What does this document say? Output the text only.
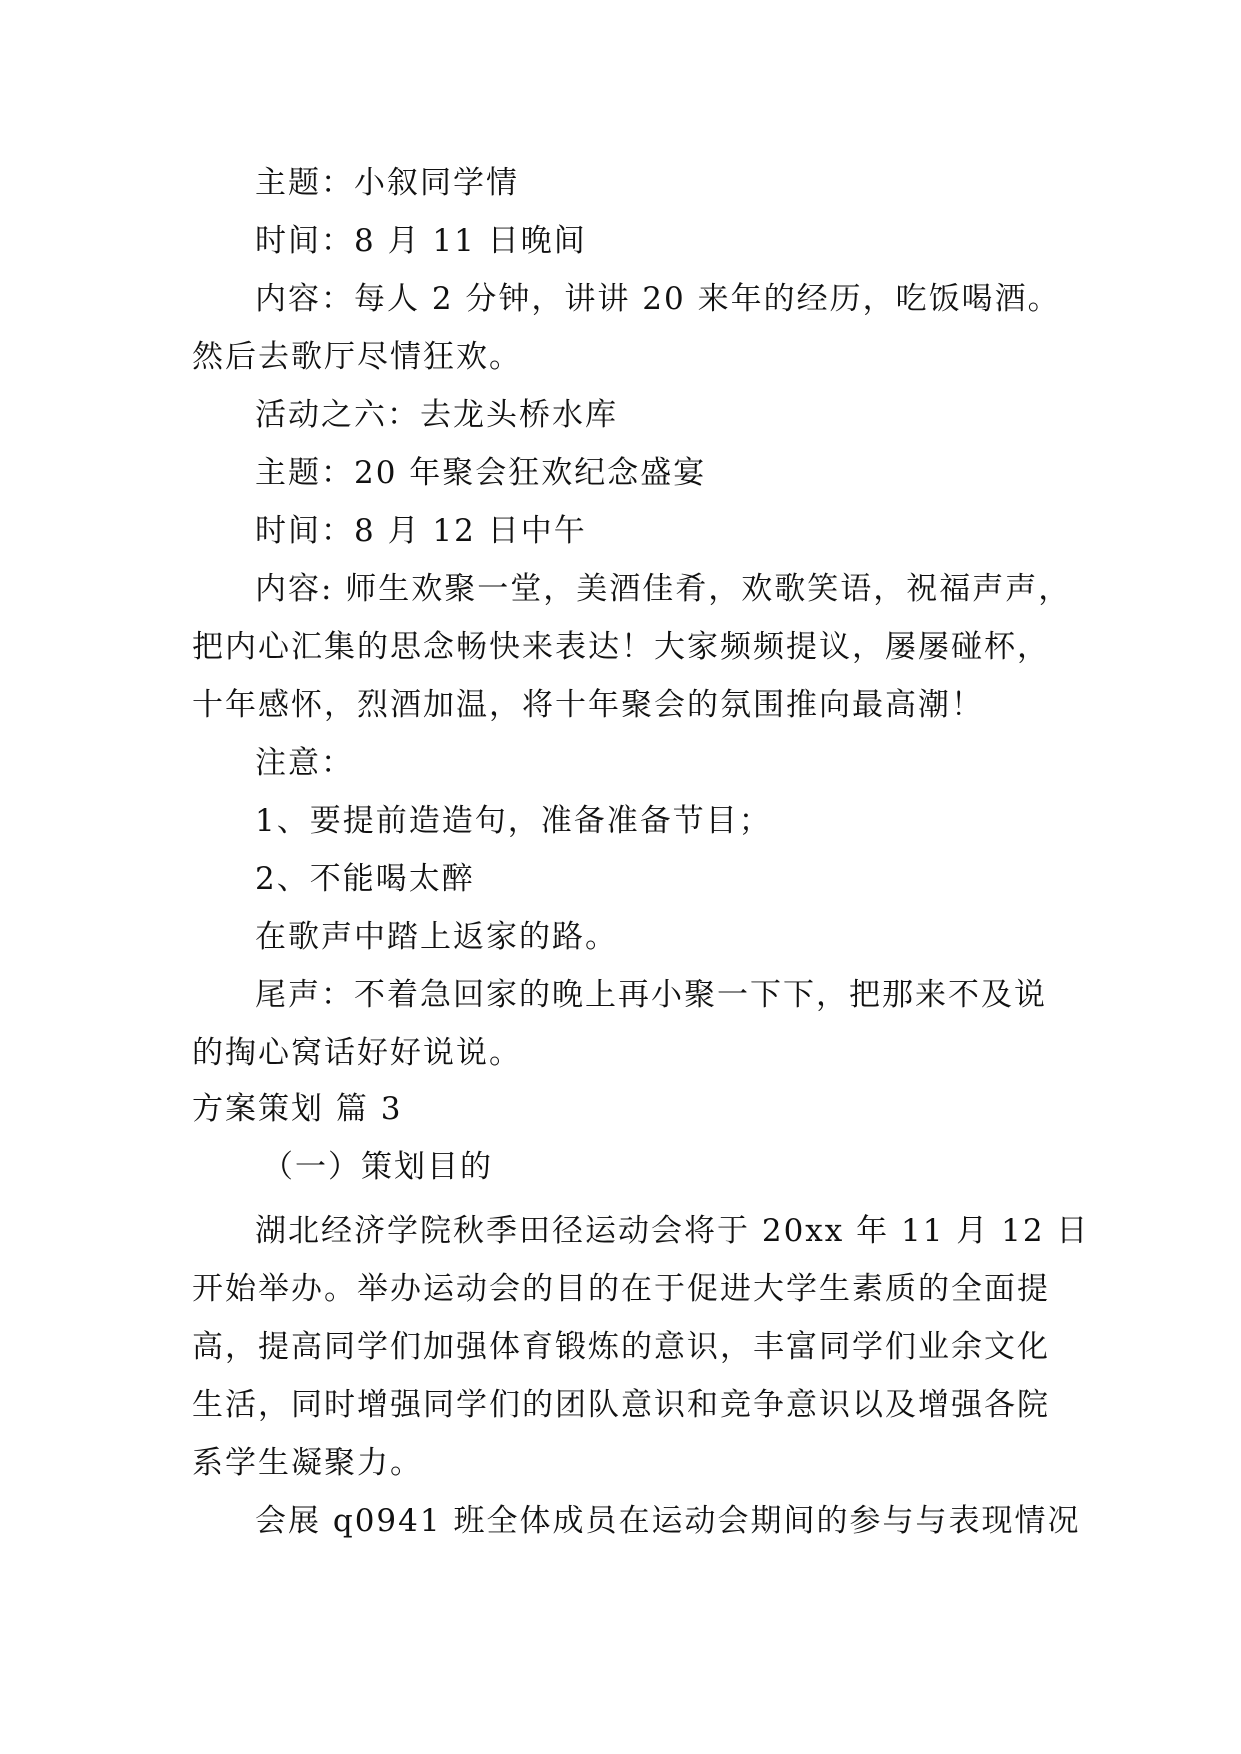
主题：小叙同学情
时间：8 月 11 日晚间
内容：每人 2 分钟，讲讲 20 来年的经历，吃饭喝酒。
然后去歌厅尽情狂欢。
活动之六：去龙头桥水库
主题：20 年聚会狂欢纪念盛宴
时间：8 月 12 日中午
内容: 师生欢聚一堂，美酒佳肴，欢歌笑语，祝福声声，
把内心汇集的思念畅快来表达！大家频频提议，屡屡碰杯，
十年感怀，烈酒加温，将十年聚会的氛围推向最高潮！
注意：
1、要提前造造句，准备准备节目；
2、不能喝太醉
在歌声中踏上返家的路。
尾声：不着急回家的晚上再小聚一下下，把那来不及说
的掏心窝话好好说说。
方案策划 篇 3
（一）策划目的
湖北经济学院秋季田径运动会将于 20xx 年 11 月 12 日
开始举办。举办运动会的目的在于促进大学生素质的全面提
高，提高同学们加强体育锻炼的意识，丰富同学们业余文化
生活，同时增强同学们的团队意识和竞争意识以及增强各院
系学生凝聚力。
会展 q0941 班全体成员在运动会期间的参与与表现情况
